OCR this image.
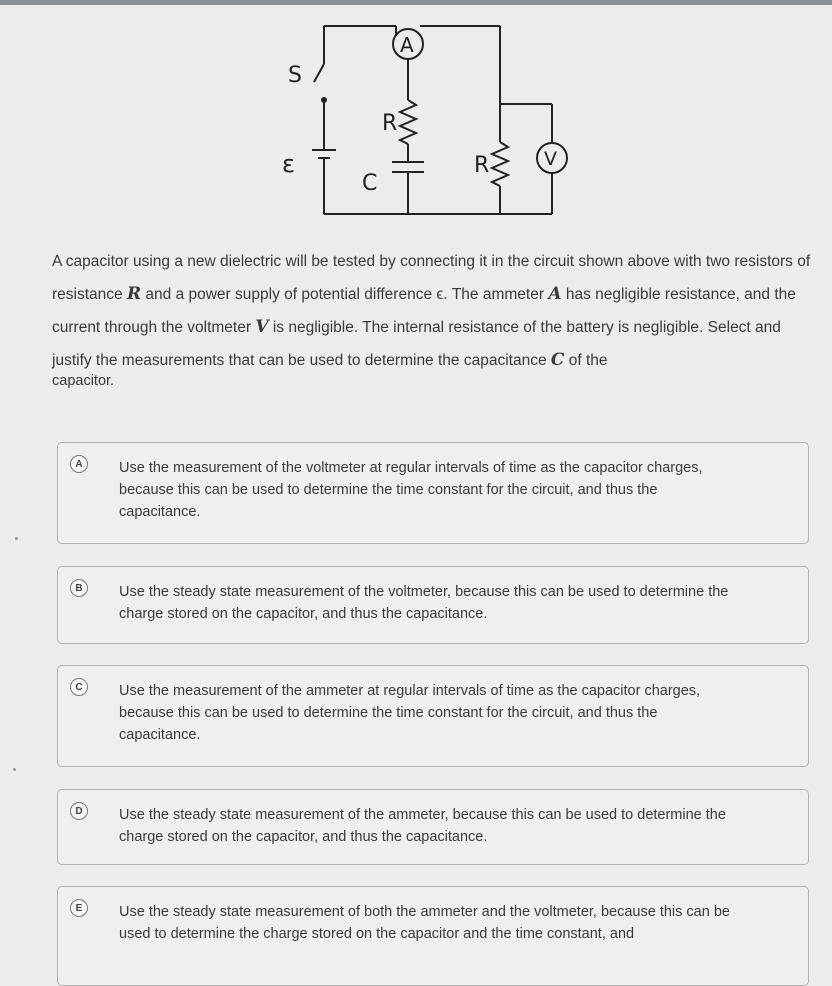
S
ε
C
R
R
A
V
A capacitor using a new dielectric will be tested by connecting it in the circuit shown above with two resistors of resistance R and a power supply of potential difference ϵ. The ammeter A has negligible resistance, and the current through the voltmeter V is negligible. The internal resistance of the battery is negligible. Select and justify the measurements that can be used to determine the capacitance C of the
capacitor.
A	Use the measurement of the voltmeter at regular intervals of time as the capacitor charges, because this can be used to determine the time constant for the circuit, and thus the capacitance.
B	Use the steady state measurement of the voltmeter, because this can be used to determine the charge stored on the capacitor, and thus the capacitance.
C	Use the measurement of the ammeter at regular intervals of time as the capacitor charges, because this can be used to determine the time constant for the circuit, and thus the capacitance.
D	Use the steady state measurement of the ammeter, because this can be used to determine the charge stored on the capacitor, and thus the capacitance.
E	Use the steady state measurement of both the ammeter and the voltmeter, because this can be used to determine the charge stored on the capacitor and the time constant, and
